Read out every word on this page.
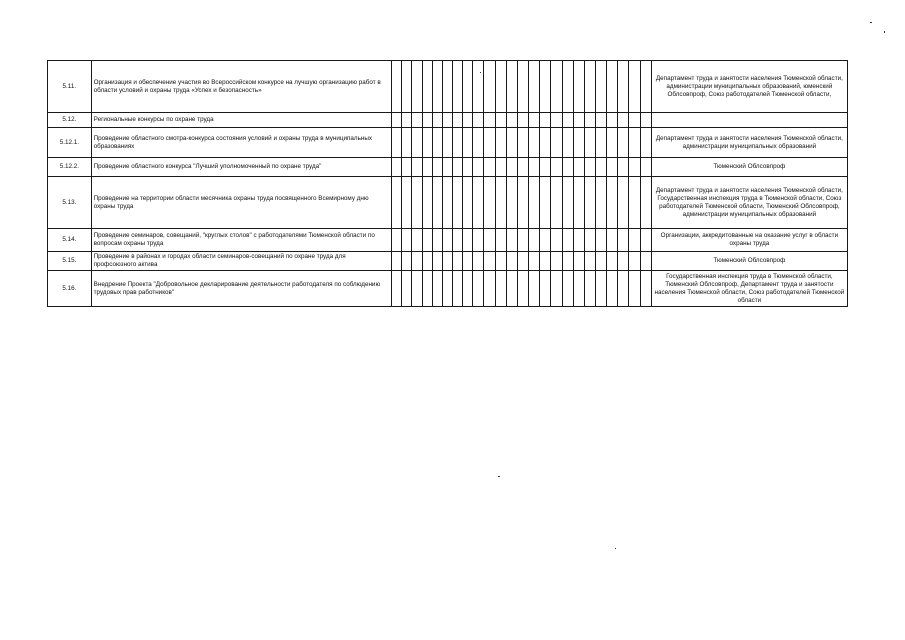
5.11.	Организация и обеспечение участия во Всероссийском конкурсе на лучшую организацию работ в области условий и охраны труда «Успех и безопасность»																									Департамент труда и занятости населения Тюменской области, администрации муниципальных образований, юменский Облсовпроф, Союз работодателей Тюменской области,
5.12.	Региональные конкурсы по охране труда																									
5.12.1.	Проведение областного смотра-конкурса состояния условий и охраны труда в муниципальных образованиях																									Департамент труда и занятости населения Тюменской области, администрации муниципальных образований
5.12.2.	Проведение областного конкурса "Лучший уполномоченный по охране труда"																									Тюменский Облсовпроф
5.13.	Проведение на территории области месячника охраны труда посвященного Всемирному дню охраны труда																									Департамент труда и занятости населения Тюменской области, Государственная инспекция труда в Тюменской области, Союз работодателей Тюменской области, Тюменский Облсовпроф, администрации муниципальных образований
5.14.	Проведение семинаров, совещаний, "круглых столов" с работодателями Тюменской области по вопросам охраны труда																									Организации, аккредитованные на оказание услуг в области охраны труда
5.15.	Проведение в районах и городах области семинаров-совещаний по охране труда для профсоюзного актива																									Тюменский Облсовпроф
5.16.	Внедрение Проекта "Добровольное декларирование деятельности работодателя по соблюдению трудовых прав работников"																									Государственная инспекция труда в Тюменской области, Тюменский Облсовпроф, Департамент труда и занятости населения Тюменской области, Союз работодателей Тюменской области
